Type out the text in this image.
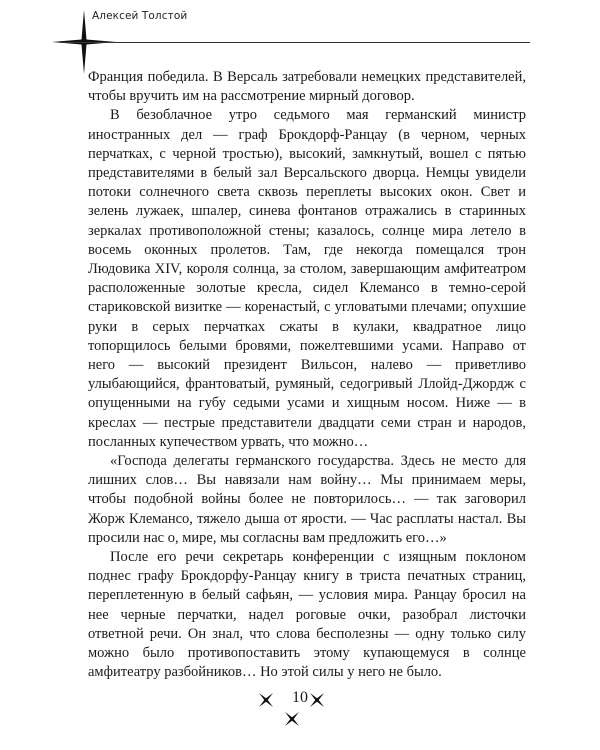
Алексей Толстой

Франция победила. В Версаль затребовали немецких представителей, чтобы вручить им на рассмотрение мирный договор.

В безоблачное утро седьмого мая германский министр иностранных дел — граф Брокдорф-Ранцау (в черном, черных перчатках, с черной тростью), высокий, замкнутый, вошел с пятью представителями в белый зал Версальского дворца. Немцы увидели потоки солнечного света сквозь переплеты высоких окон. Свет и зелень лужаек, шпалер, синева фонтанов отражались в старинных зеркалах противоположной стены; казалось, солнце мира летело в восемь оконных пролетов. Там, где некогда помещался трон Людовика XIV, короля солнца, за столом, завершающим амфитеатром расположенные золотые кресла, сидел Клемансо в темно-серой стариковской визитке — коренастый, с угловатыми плечами; опухшие руки в серых перчатках сжаты в кулаки, квадратное лицо топорщилось белыми бровями, пожелтевшими усами. Направо от него — высокий президент Вильсон, налево — приветливо улыбающийся, франтоватый, румяный, седогривый Ллойд-Джордж с опущенными на губу седыми усами и хищным носом. Ниже — в креслах — пестрые представители двадцати семи стран и народов, посланных купечеством урвать, что можно…

«Господа делегаты германского государства. Здесь не место для лишних слов… Вы навязали нам войну… Мы принимаем меры, чтобы подобной войны более не повторилось… — так заговорил Жорж Клемансо, тяжело дыша от ярости. — Час расплаты настал. Вы просили нас о, мире, мы согласны вам предложить его…»

После его речи секретарь конференции с изящным поклоном поднес графу Брокдорфу-Ранцау книгу в триста печатных страниц, переплетенную в белый сафьян, — условия мира. Ранцау бросил на нее черные перчатки, надел роговые очки, разобрал листочки ответной речи. Он знал, что слова бесполезны — одну только силу можно было противопоставить этому купающемуся в солнце амфитеатру разбойников… Но этой силы у него не было.

10
